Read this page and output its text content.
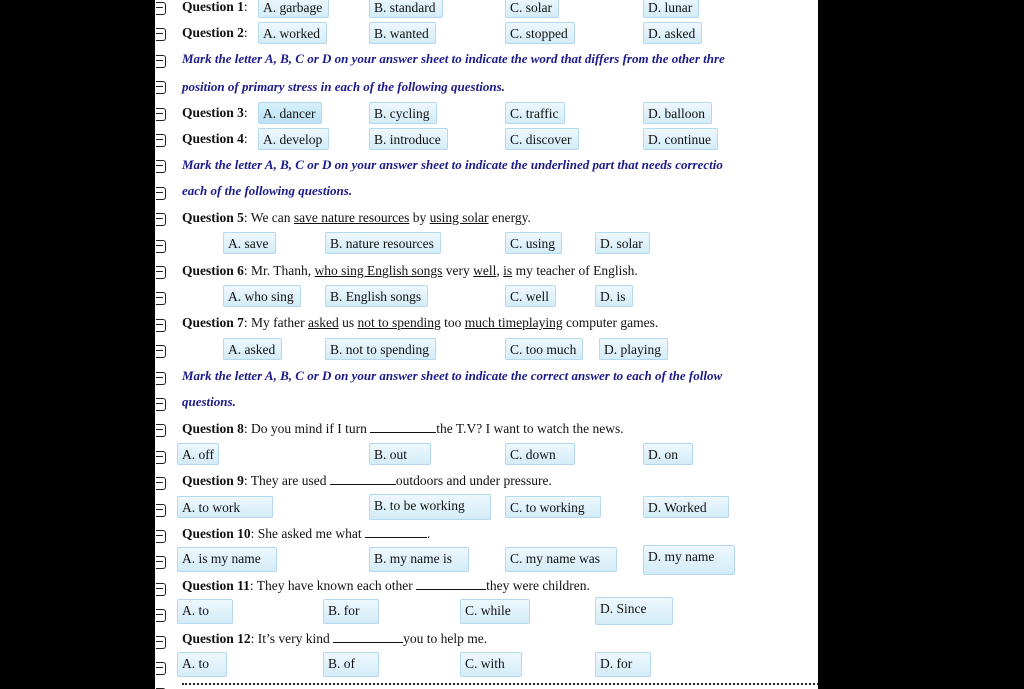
Question 1:	A. garbage	B. standard	C. solar	D. lunar
Question 2:	A. worked	B. wanted	C. stopped	D. asked
Mark the letter A, B, C or D on your answer sheet to indicate the word that differs from the other thre
position of primary stress in each of the following questions.
Question 3:	A. dancer	B. cycling	C. traffic	D. balloon
Question 4:	A. develop	B. introduce	C. discover	D. continue
Mark the letter A, B, C or D on your answer sheet to indicate the underlined part that needs correctio
each of the following questions.
Question 5: We can save nature resources by using solar energy.
A. save	B. nature resources	C. using	D. solar
Question 6: Mr. Thanh, who sing English songs very well, is my teacher of English.
A. who sing	B. English songs	C. well	D. is
Question 7: My father asked us not to spending too much timeplaying computer games.
A. asked	B. not to spending	C. too much	D. playing
Mark the letter A, B, C or D on your answer sheet to indicate the correct answer to each of the follow
questions.
Question 8: Do you mind if I turn	the T.V? I want to watch the news.
A. off	B. out	C. down	D. on
Question 9: They are used	outdoors and under pressure.
A. to work	B. to be working	C. to working	D. Worked
Question 10: She asked me what	.
A. is my name	B. my name is	C. my name was	D. my name
Question 11: They have known each other	they were children.
A. to	B. for	C. while	D. Since
Question 12: It’s very kind	you to help me.
A. to	B. of	C. with	D. for
